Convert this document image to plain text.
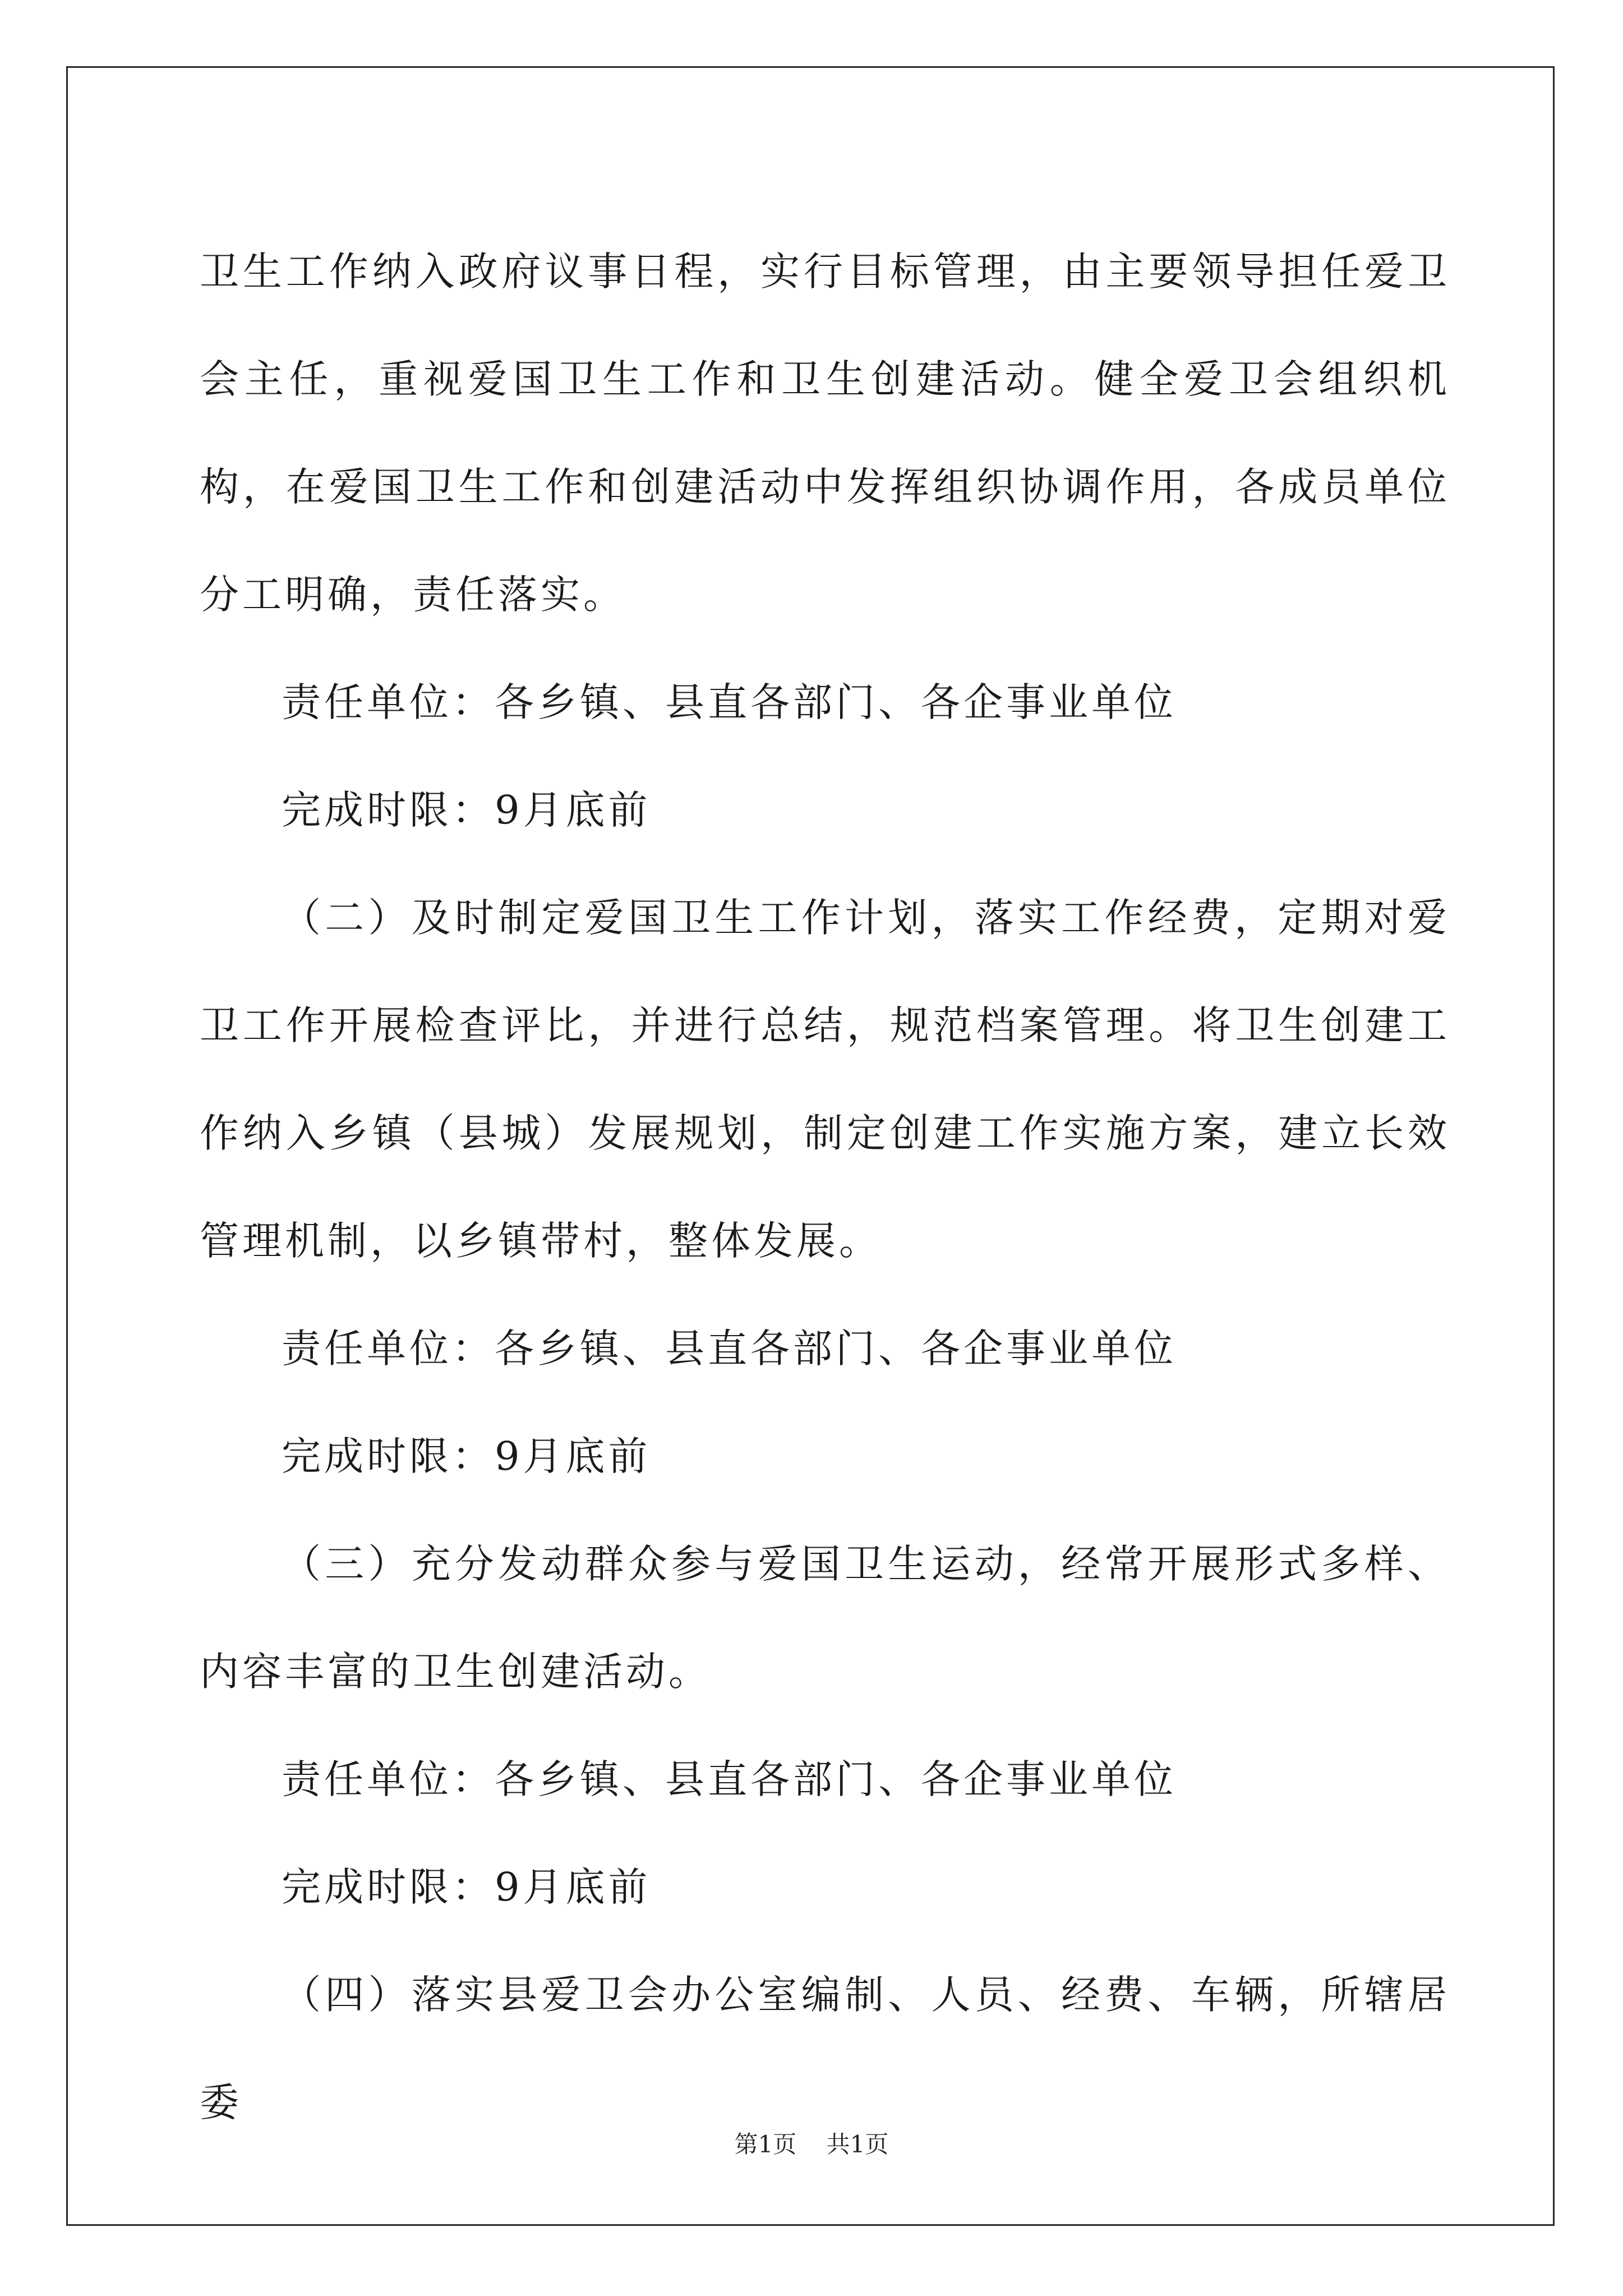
卫生工作纳入政府议事日程，实行目标管理，由主要领导担任爱卫会主任，重视爱国卫生工作和卫生创建活动。健全爱卫会组织机构，在爱国卫生工作和创建活动中发挥组织协调作用，各成员单位分工明确，责任落实。

责任单位：各乡镇、县直各部门、各企事业单位

完成时限：9月底前

（二）及时制定爱国卫生工作计划，落实工作经费，定期对爱卫工作开展检查评比，并进行总结，规范档案管理。将卫生创建工作纳入乡镇（县城）发展规划，制定创建工作实施方案，建立长效管理机制，以乡镇带村，整体发展。

责任单位：各乡镇、县直各部门、各企事业单位

完成时限：9月底前

（三）充分发动群众参与爱国卫生运动，经常开展形式多样、内容丰富的卫生创建活动。

责任单位：各乡镇、县直各部门、各企事业单位

完成时限：9月底前

（四）落实县爱卫会办公室编制、人员、经费、车辆，所辖居委

第1页 共1页
